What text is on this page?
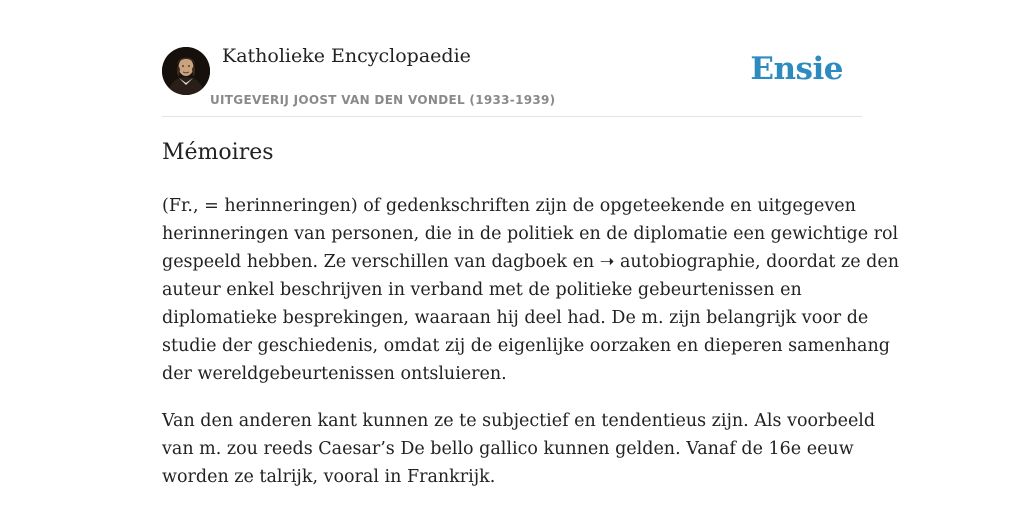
Katholieke Encyclopaedie
UITGEVERIJ JOOST VAN DEN VONDEL (1933-1939)
Ensie
Mémoires
(Fr., = herinneringen) of gedenkschriften zijn de opgeteekende en uitgegeven
herinneringen van personen, die in de politiek en de diplomatie een gewichtige rol
gespeeld hebben. Ze verschillen van dagboek en ➝ autobiographie, doordat ze den
auteur enkel beschrijven in verband met de politieke gebeurtenissen en
diplomatieke besprekingen, waaraan hij deel had. De m. zijn belangrijk voor de
studie der geschiedenis, omdat zij de eigenlijke oorzaken en dieperen samenhang
der wereldgebeurtenissen ontsluieren.
Van den anderen kant kunnen ze te subjectief en tendentieus zijn. Als voorbeeld
van m. zou reeds Caesar’s De bello gallico kunnen gelden. Vanaf de 16e eeuw
worden ze talrijk, vooral in Frankrijk.
